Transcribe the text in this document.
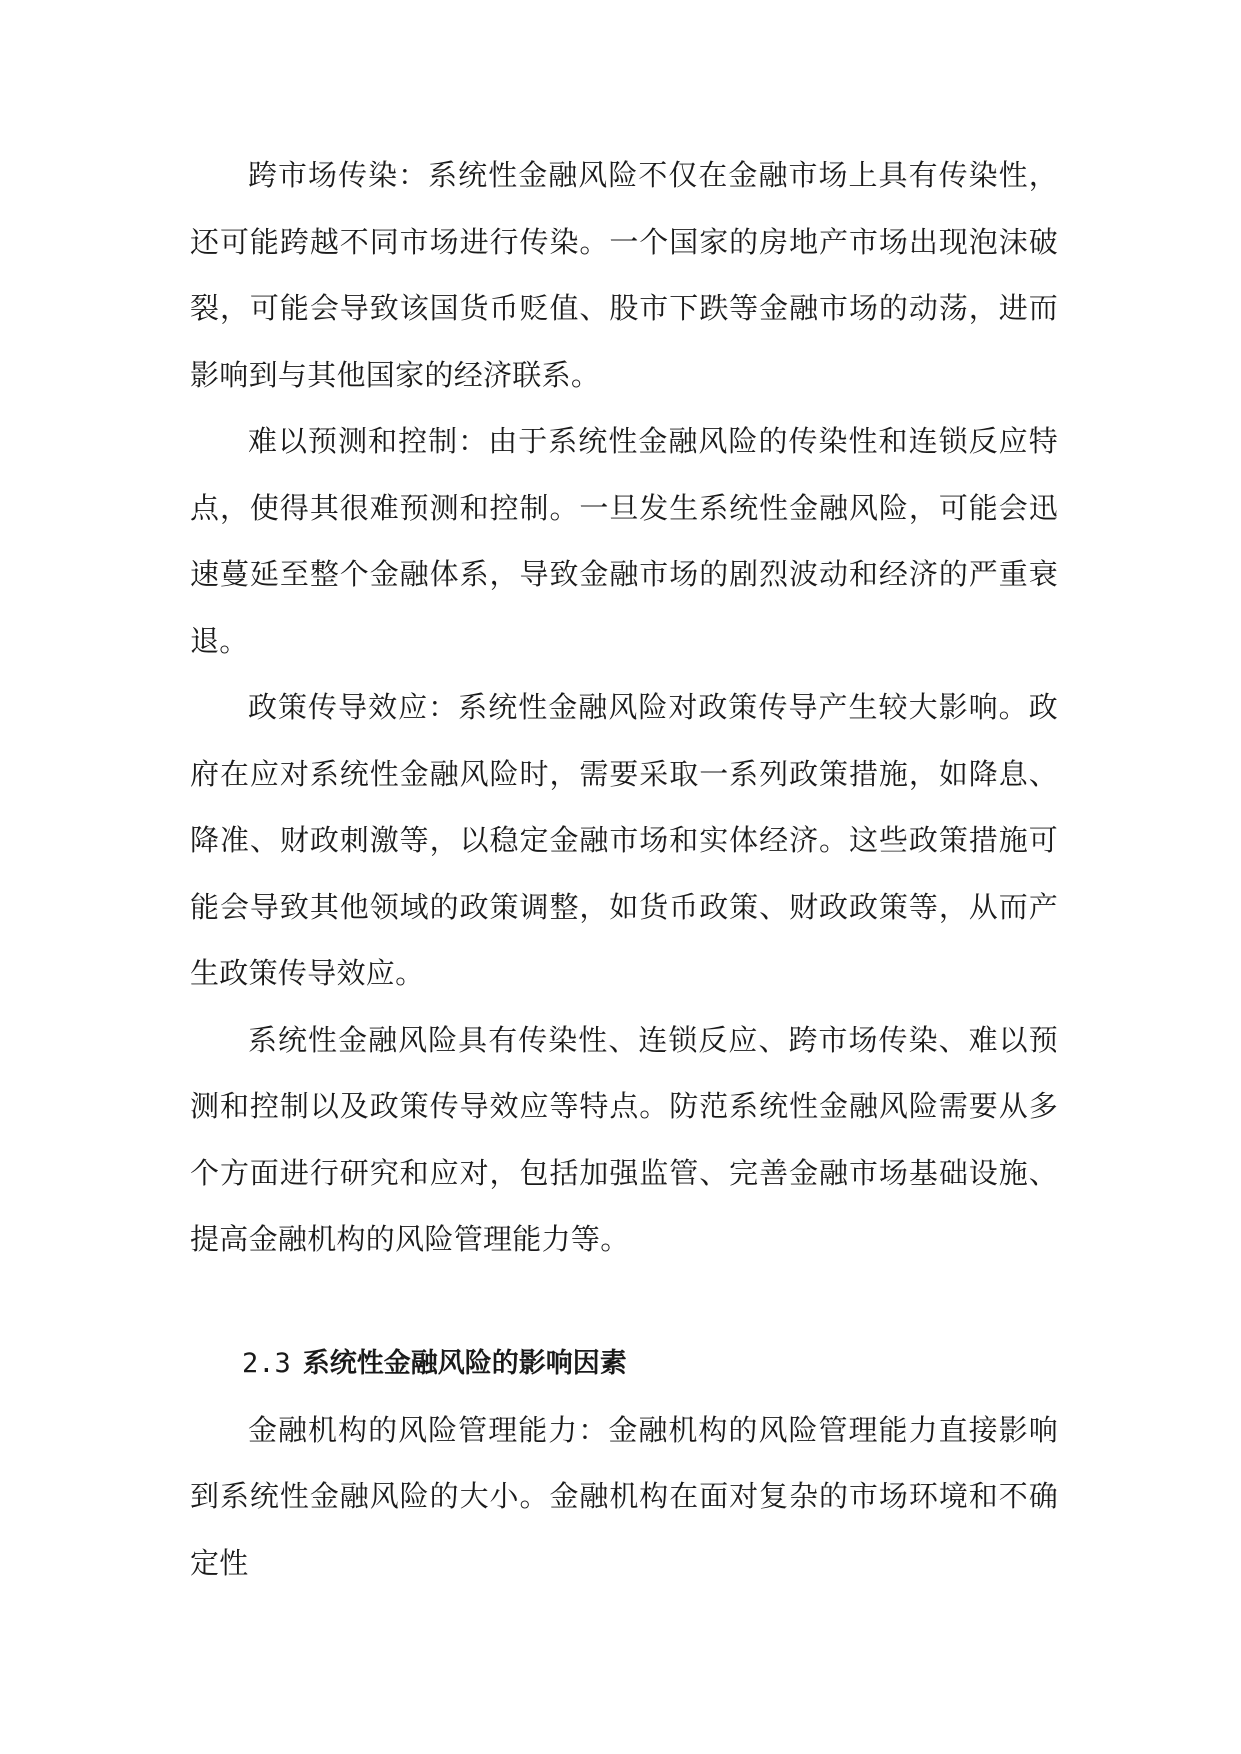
跨市场传染：系统性金融风险不仅在金融市场上具有传染性，还可能跨越不同市场进行传染。一个国家的房地产市场出现泡沫破裂，可能会导致该国货币贬值、股市下跌等金融市场的动荡，进而影响到与其他国家的经济联系。

难以预测和控制：由于系统性金融风险的传染性和连锁反应特点，使得其很难预测和控制。一旦发生系统性金融风险，可能会迅速蔓延至整个金融体系，导致金融市场的剧烈波动和经济的严重衰退。

政策传导效应：系统性金融风险对政策传导产生较大影响。政府在应对系统性金融风险时，需要采取一系列政策措施，如降息、降准、财政刺激等，以稳定金融市场和实体经济。这些政策措施可能会导致其他领域的政策调整，如货币政策、财政政策等，从而产生政策传导效应。

系统性金融风险具有传染性、连锁反应、跨市场传染、难以预测和控制以及政策传导效应等特点。防范系统性金融风险需要从多个方面进行研究和应对，包括加强监管、完善金融市场基础设施、提高金融机构的风险管理能力等。

2.3 系统性金融风险的影响因素

金融机构的风险管理能力：金融机构的风险管理能力直接影响到系统性金融风险的大小。金融机构在面对复杂的市场环境和不确定性
